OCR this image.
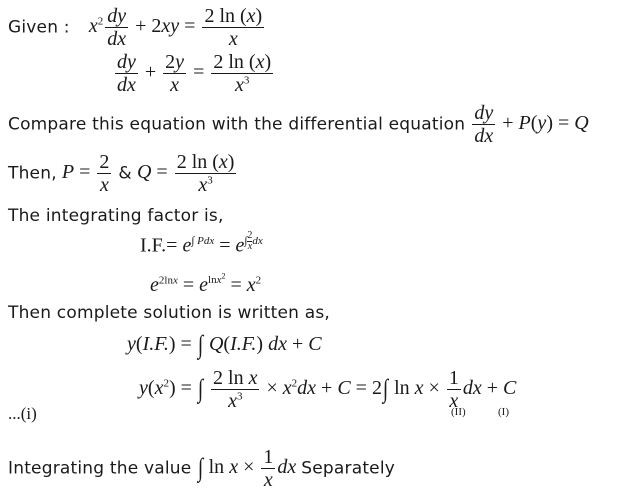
Given : $x^2 \frac{dy}{dx} + 2xy = \frac{2 \ln (x)}{x}$
$\frac{dy}{dx} + \frac{2y}{x} = \frac{2 \ln (x)}{x^3}$
Compare this equation with the differential equation $\frac{dy}{dx} + P(y) = Q$
Then, $P = \frac{2}{x}$ & $Q = \frac{2 \ln (x)}{x^3}$
The integrating factor is,
$I.F.= e^{\int Pdx} = e^{\int \frac{2}{x} dx}$
$e^{2lnx} = e^{lnx^2} = x^2$
Then complete solution is written as,
y(I.F.) = ∫ Q(I.F.) dx + C
$y(x^2)$ = ∫ $\frac{\text{2 ln x}}{x^3} \times x^2dx + C = 2\int$ $\ln x \times \frac{1}{x}$ dx + C
(II)	(I)
...(i)
Integrating the value ∫ $\ln x \times \frac{1}{x}$ dx Separately
